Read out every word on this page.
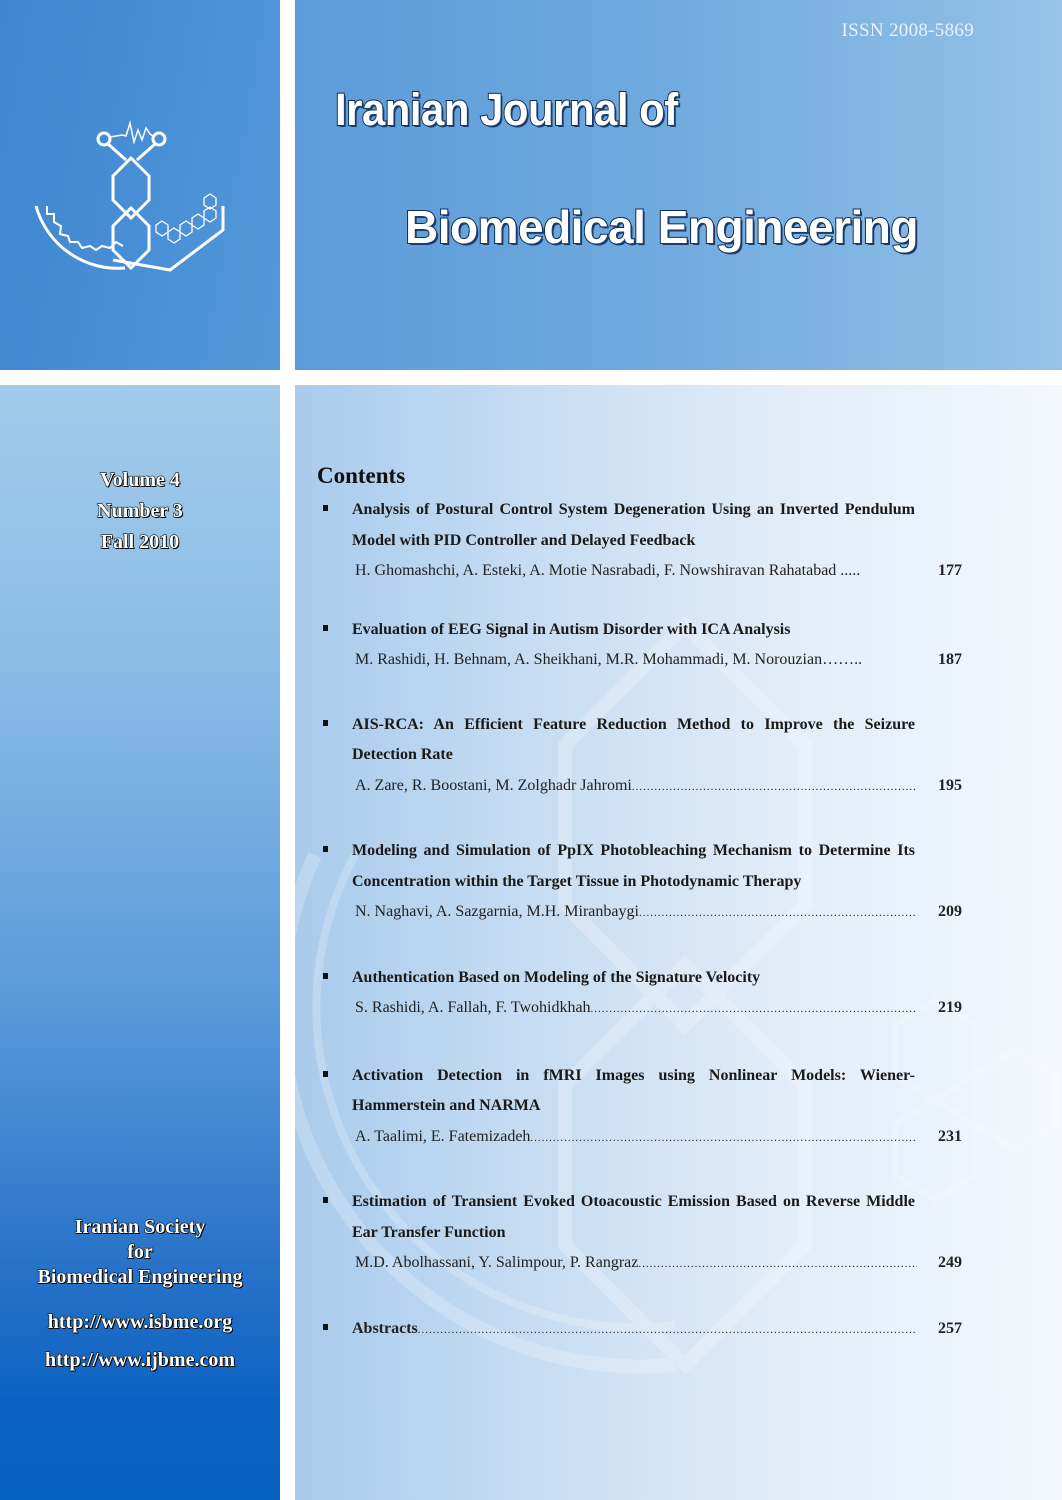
ISSN 2008-5869
Iranian Journal of
Biomedical Engineering
Volume 4
Number 3
Fall 2010
Iranian Society
for
Biomedical Engineering
http://www.isbme.org
http://www.ijbme.com
Contents
Analysis of Postural Control System Degeneration Using an Inverted Pendulum Model with PID Controller and Delayed Feedback
H. Ghomashchi, A. Esteki, A. Motie Nasrabadi, F. Nowshiravan Rahatabad .....	177
Evaluation of EEG Signal in Autism Disorder with ICA Analysis
M. Rashidi, H. Behnam, A. Sheikhani, M.R. Mohammadi, M. Norouzian……..	187
AIS-RCA: An Efficient Feature Reduction Method to Improve the Seizure Detection Rate
A. Zare, R. Boostani, M. Zolghadr Jahromi .....	195
Modeling and Simulation of PpIX Photobleaching Mechanism to Determine Its Concentration within the Target Tissue in Photodynamic Therapy
N. Naghavi, A. Sazgarnia, M.H. Miranbaygi .....	209
Authentication Based on Modeling of the Signature Velocity
S. Rashidi, A. Fallah, F. Twohidkhah .....	219
Activation Detection in fMRI Images using Nonlinear Models: Wiener-Hammerstein and NARMA
A. Taalimi, E. Fatemizadeh .....	231
Estimation of Transient Evoked Otoacoustic Emission Based on Reverse Middle Ear Transfer Function
M.D. Abolhassani, Y. Salimpour, P. Rangraz .....	249
Abstracts .....	257
